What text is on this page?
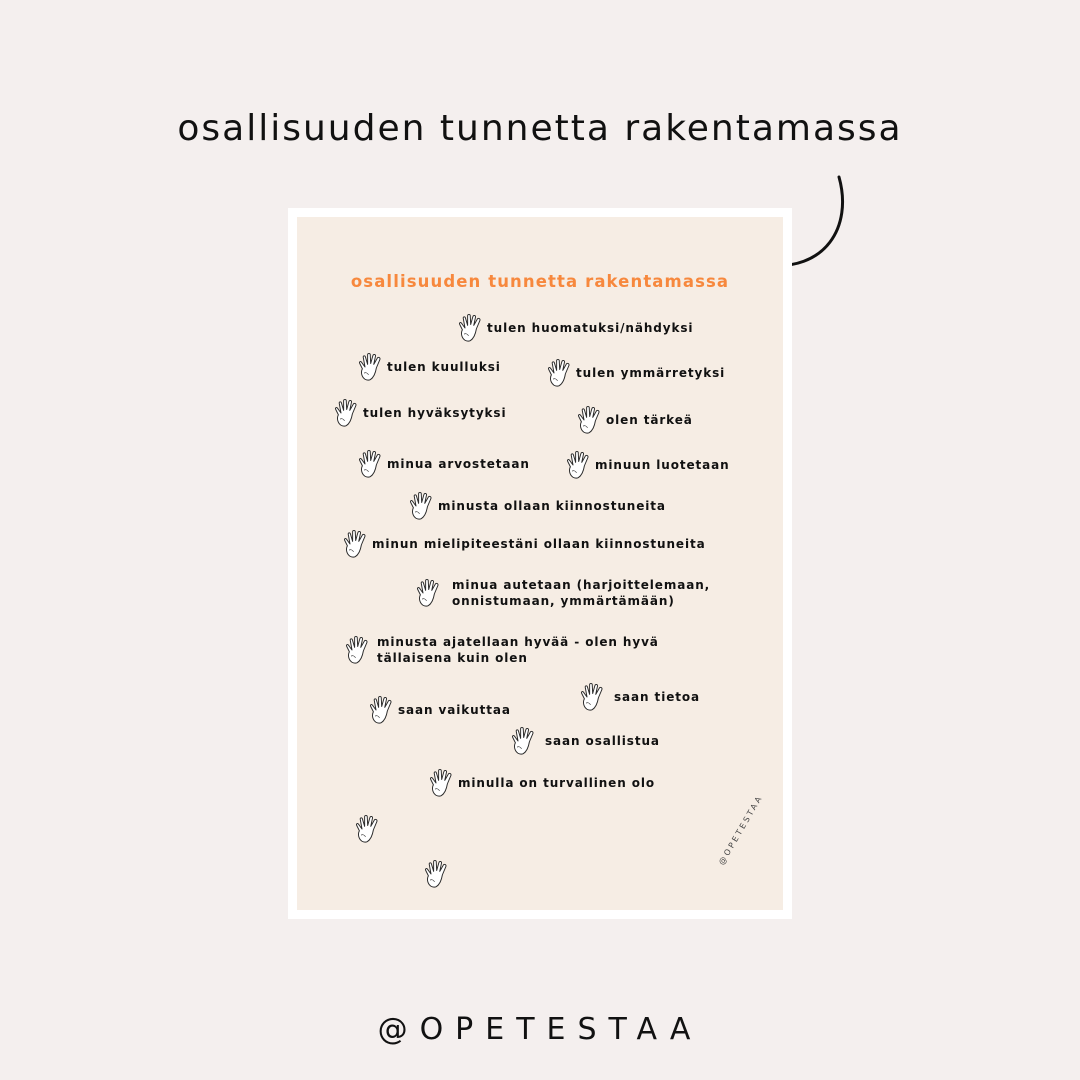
osallisuuden tunnetta rakentamassa
osallisuuden tunnetta rakentamassa
tulen huomatuksi/nähdyksi
tulen kuulluksi	tulen ymmärretyksi
tulen hyväksytyksi	olen tärkeä
minua arvostetaan	minuun luotetaan
minusta ollaan kiinnostuneita
minun mielipiteestäni ollaan kiinnostuneita
minua autetaan (harjoittelemaan,
onnistumaan, ymmärtämään)
minusta ajatellaan hyvää - olen hyvä
tällaisena kuin olen
saan tietoa
saan vaikuttaa
saan osallistua
minulla on turvallinen olo
@OPETESTAA
@OPETESTAA
